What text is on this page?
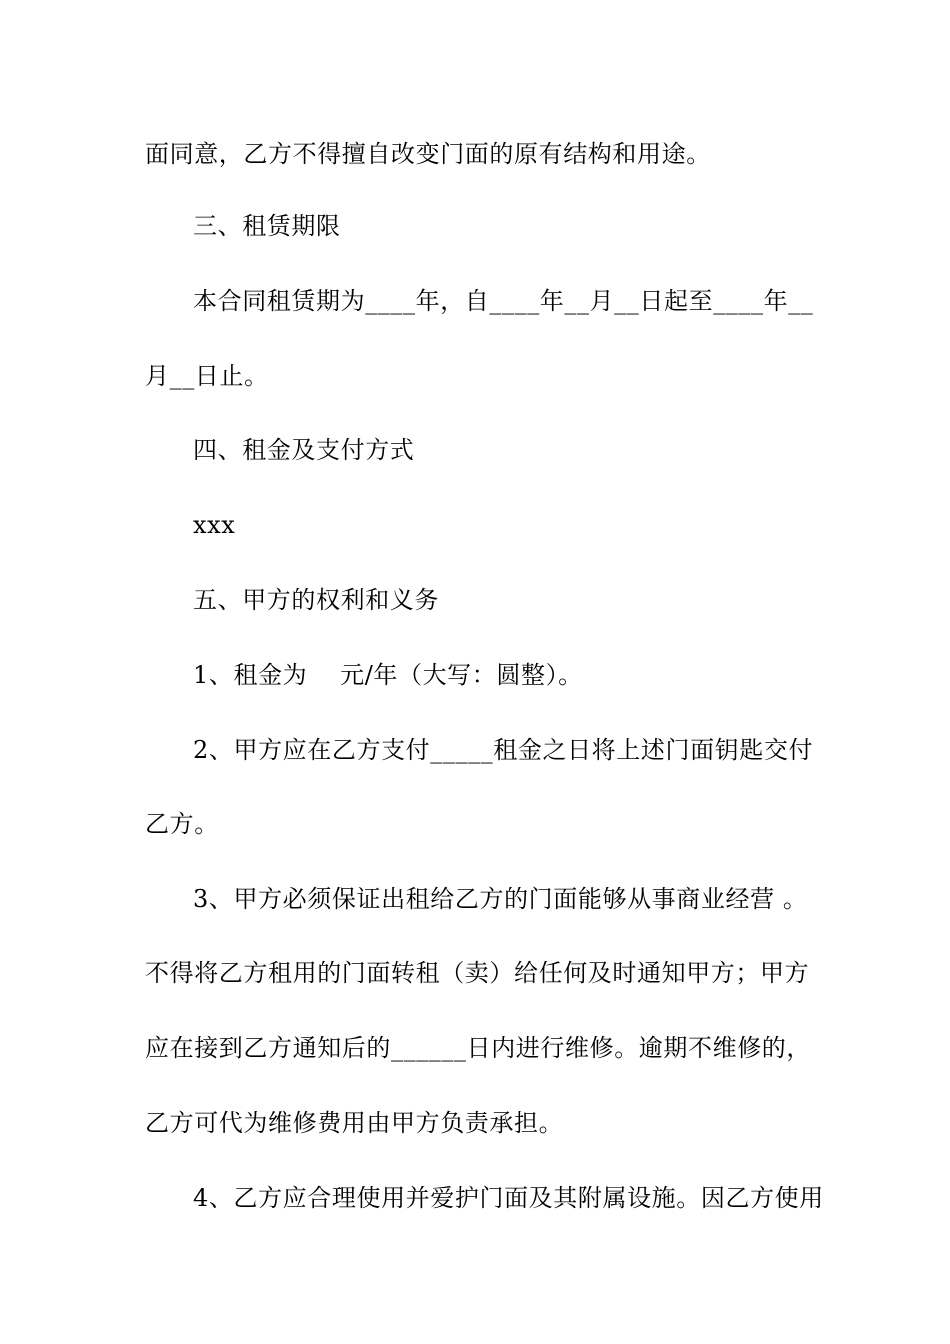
面同意，乙方不得擅自改变门面的原有结构和用途。
三、租赁期限
本合同租赁期为____年，自____年__月__日起至____年__
月__日止。
四、租金及支付方式
xxx
五、甲方的权利和义务
1、租金为　 元/年（大写：圆整）。
2、甲方应在乙方支付_____租金之日将上述门面钥匙交付
乙方。
3、甲方必须保证出租给乙方的门面能够从事商业经营 。
不得将乙方租用的门面转租（卖）给任何及时通知甲方；甲方
应在接到乙方通知后的______日内进行维修。逾期不维修的，
乙方可代为维修费用由甲方负责承担。
4、乙方应合理使用并爱护门面及其附属设施。因乙方使用
